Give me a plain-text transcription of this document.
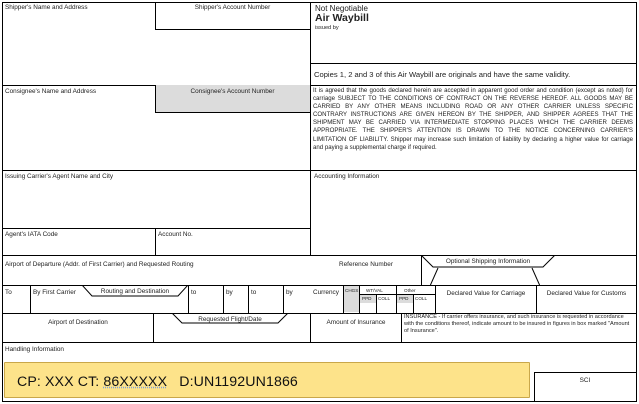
Shipper's Name and Address	Shipper's Account Number	Not Negotiable
Air Waybill
issued by
Copies 1, 2 and 3 of this Air Waybill are originals and have the same validity.
Consignee's Name and Address	Consignee's Account Number	It is agreed that the goods declared herein are accepted in apparent good order and condition (except as noted) for carriage SUBJECT TO THE CONDITIONS OF CONTRACT ON THE REVERSE HEREOF. ALL GOODS MAY BE CARRIED BY ANY OTHER MEANS INCLUDING ROAD OR ANY OTHER CARRIER UNLESS SPECIFIC CONTRARY INSTRUCTIONS ARE GIVEN HEREON BY THE SHIPPER, AND SHIPPER AGREES THAT THE SHIPMENT MAY BE CARRIED VIA INTERMEDIATE STOPPING PLACES WHICH THE CARRIER DEEMS APPROPRIATE. THE SHIPPER'S ATTENTION IS DRAWN TO THE NOTICE CONCERNING CARRIER'S LIMITATION OF LIABILITY. Shipper may increase such limitation of liability by declaring a higher value for carriage and paying a supplemental charge if required.
Issuing Carrier's Agent Name and City	Accounting Information
Agent's IATA Code	Account No.
Airport of Departure (Addr. of First Carrier) and Requested Routing	Reference Number	Optional Shipping Information
To	By First Carrier	Routing and Destination	to	by	to	by	Currency CHGS WT/VAL	Other
PPD COLL PPD COLL
Declared Value for Carriage	Declared Value for Customs
Airport of Destination	Requested Flight/Date	Amount of Insurance
INSURANCE - If carrier offers insurance, and such insurance is requested in accordance with the conditions thereof, indicate amount to be insured in figures in box marked "Amount of Insurance".
Handling Information
CP: XXX CT: 86XXXXX   D:UN1192UN1866	SCI
